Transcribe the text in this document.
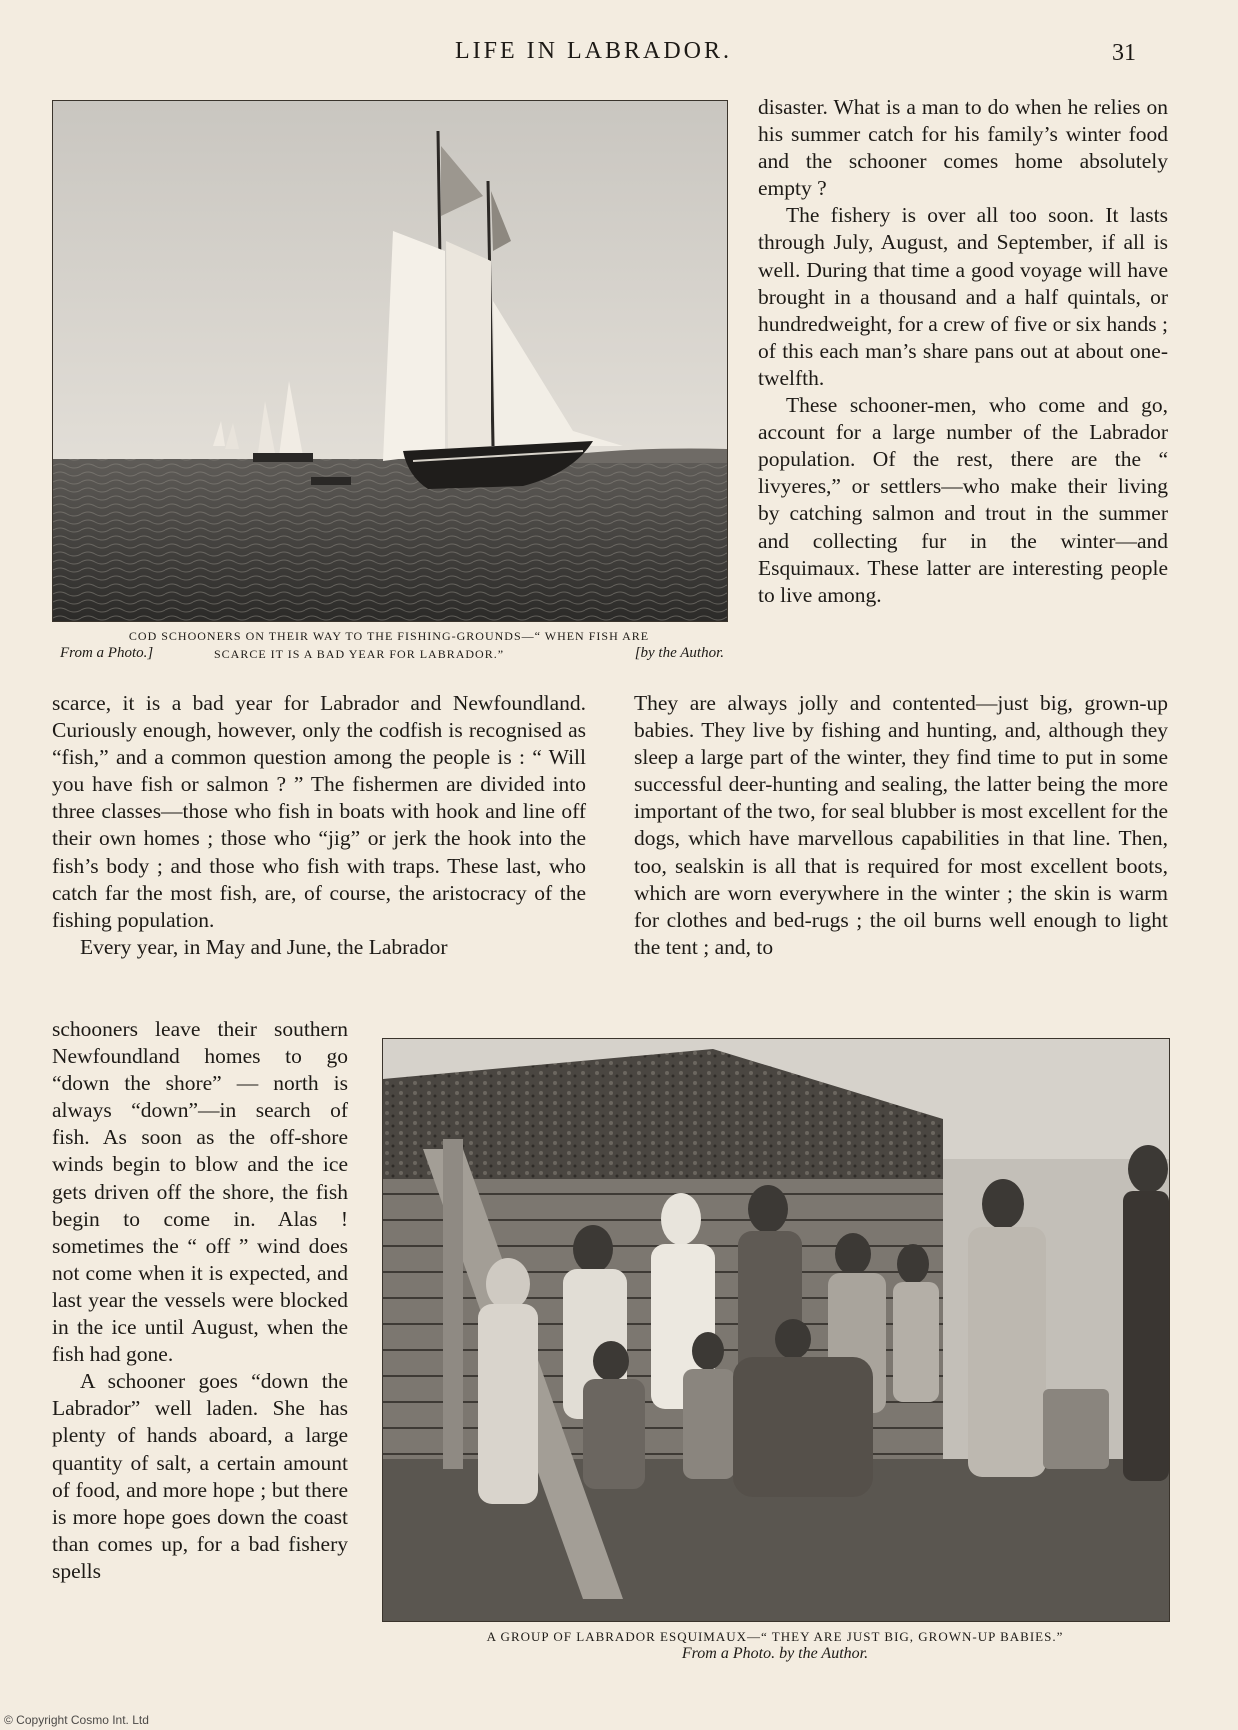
LIFE IN LABRADOR.	31
COD SCHOONERS ON THEIR WAY TO THE FISHING-GROUNDS—“ WHEN FISH ARE
From a Photo.]	SCARCE IT IS A BAD YEAR FOR LABRADOR.”	[by the Author.

disaster. What is a man to do when he relies on his summer catch for his family’s winter food and the schooner comes home absolutely empty ?

The fishery is over all too soon. It lasts through July, August, and September, if all is well. During that time a good voyage will have brought in a thousand and a half quintals, or hundredweight, for a crew of five or six hands ; of this each man’s share pans out at about one-twelfth.

These schooner-men, who come and go, account for a large number of the Labrador population. Of the rest, there are the “ livyeres,” or settlers—who make their living by catching salmon and trout in the summer and collecting fur in the winter—and Esquimaux. These latter are interesting people to live among.

They are always jolly and contented—just big, grown-up babies. They live by fishing and hunting, and, although they sleep a large part of the winter, they find time to put in some successful deer-hunting and sealing, the latter being the more important of the two, for seal blubber is most excellent for the dogs, which have marvellous capabilities in that line. Then, too, sealskin is all that is required for most excellent boots, which are worn everywhere in the winter ; the skin is warm for clothes and bed-rugs ; the oil burns well enough to light the tent ; and, to

scarce, it is a bad year for Labrador and Newfoundland. Curiously enough, however, only the codfish is recognised as “fish,” and a common question among the people is : “ Will you have fish or salmon ? ” The fishermen are divided into three classes—those who fish in boats with hook and line off their own homes ; those who “jig” or jerk the hook into the fish’s body ; and those who fish with traps. These last, who catch far the most fish, are, of course, the aristocracy of the fishing population.

Every year, in May and June, the Labrador

schooners leave their southern Newfoundland homes to go “down the shore” — north is always “down”—in search of fish. As soon as the off-shore winds begin to blow and the ice gets driven off the shore, the fish begin to come in. Alas ! sometimes the “ off ” wind does not come when it is expected, and last year the vessels were blocked in the ice until August, when the fish had gone.

A schooner goes “down the Labrador” well laden. She has plenty of hands aboard, a large quantity of salt, a certain amount of food, and more hope ; but there is more hope goes down the coast than comes up, for a bad fishery spells

A GROUP OF LABRADOR ESQUIMAUX—“ THEY ARE JUST BIG, GROWN-UP BABIES.”
From a Photo. by the Author.
© Copyright Cosmo Int. Ltd
